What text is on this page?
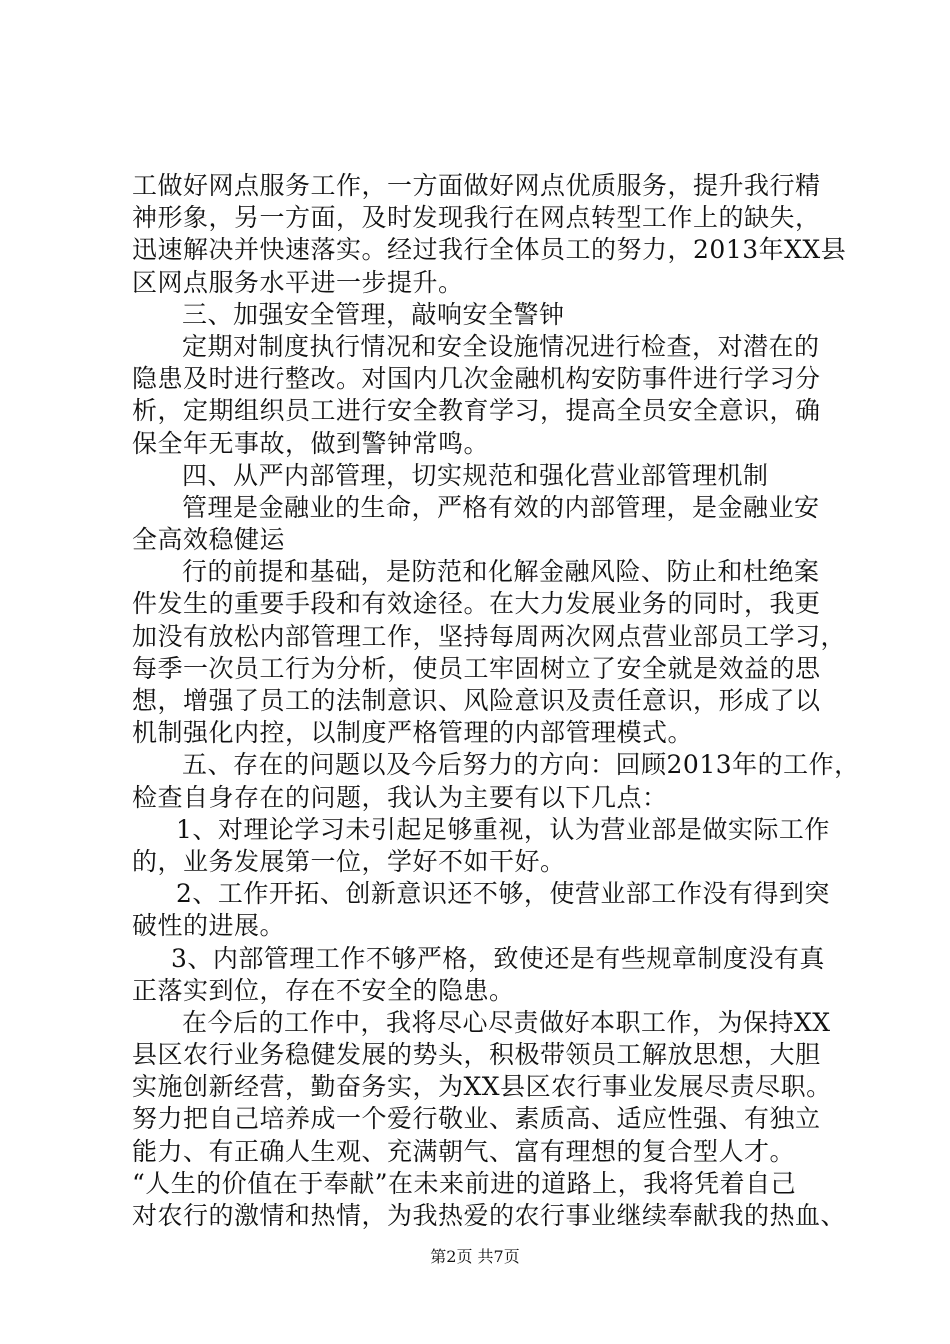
工做好网点服务工作，一方面做好网点优质服务，提升我行精
神形象，另一方面，及时发现我行在网点转型工作上的缺失，
迅速解决并快速落实。经过我行全体员工的努力，2013年XX县
区网点服务水平进一步提升。
三、加强安全管理，敲响安全警钟
定期对制度执行情况和安全设施情况进行检查，对潜在的
隐患及时进行整改。对国内几次金融机构安防事件进行学习分
析，定期组织员工进行安全教育学习，提高全员安全意识，确
保全年无事故，做到警钟常鸣。
四、从严内部管理，切实规范和强化营业部管理机制
管理是金融业的生命，严格有效的内部管理，是金融业安
全高效稳健运
行的前提和基础，是防范和化解金融风险、防止和杜绝案
件发生的重要手段和有效途径。在大力发展业务的同时，我更
加没有放松内部管理工作，坚持每周两次网点营业部员工学习，
每季一次员工行为分析，使员工牢固树立了安全就是效益的思
想，增强了员工的法制意识、风险意识及责任意识，形成了以
机制强化内控，以制度严格管理的内部管理模式。
五、存在的问题以及今后努力的方向：回顾2013年的工作，
检查自身存在的问题，我认为主要有以下几点：
1、对理论学习未引起足够重视，认为营业部是做实际工作
的，业务发展第一位，学好不如干好。
2、工作开拓、创新意识还不够，使营业部工作没有得到突
破性的进展。
3、内部管理工作不够严格，致使还是有些规章制度没有真
正落实到位，存在不安全的隐患。
在今后的工作中，我将尽心尽责做好本职工作，为保持XX
县区农行业务稳健发展的势头，积极带领员工解放思想，大胆
实施创新经营，勤奋务实，为XX县区农行事业发展尽责尽职。
努力把自己培养成一个爱行敬业、素质高、适应性强、有独立
能力、有正确人生观、充满朝气、富有理想的复合型人才。
“人生的价值在于奉献”在未来前进的道路上，我将凭着自己
对农行的激情和热情，为我热爱的农行事业继续奉献我的热血、
第2页 共7页
